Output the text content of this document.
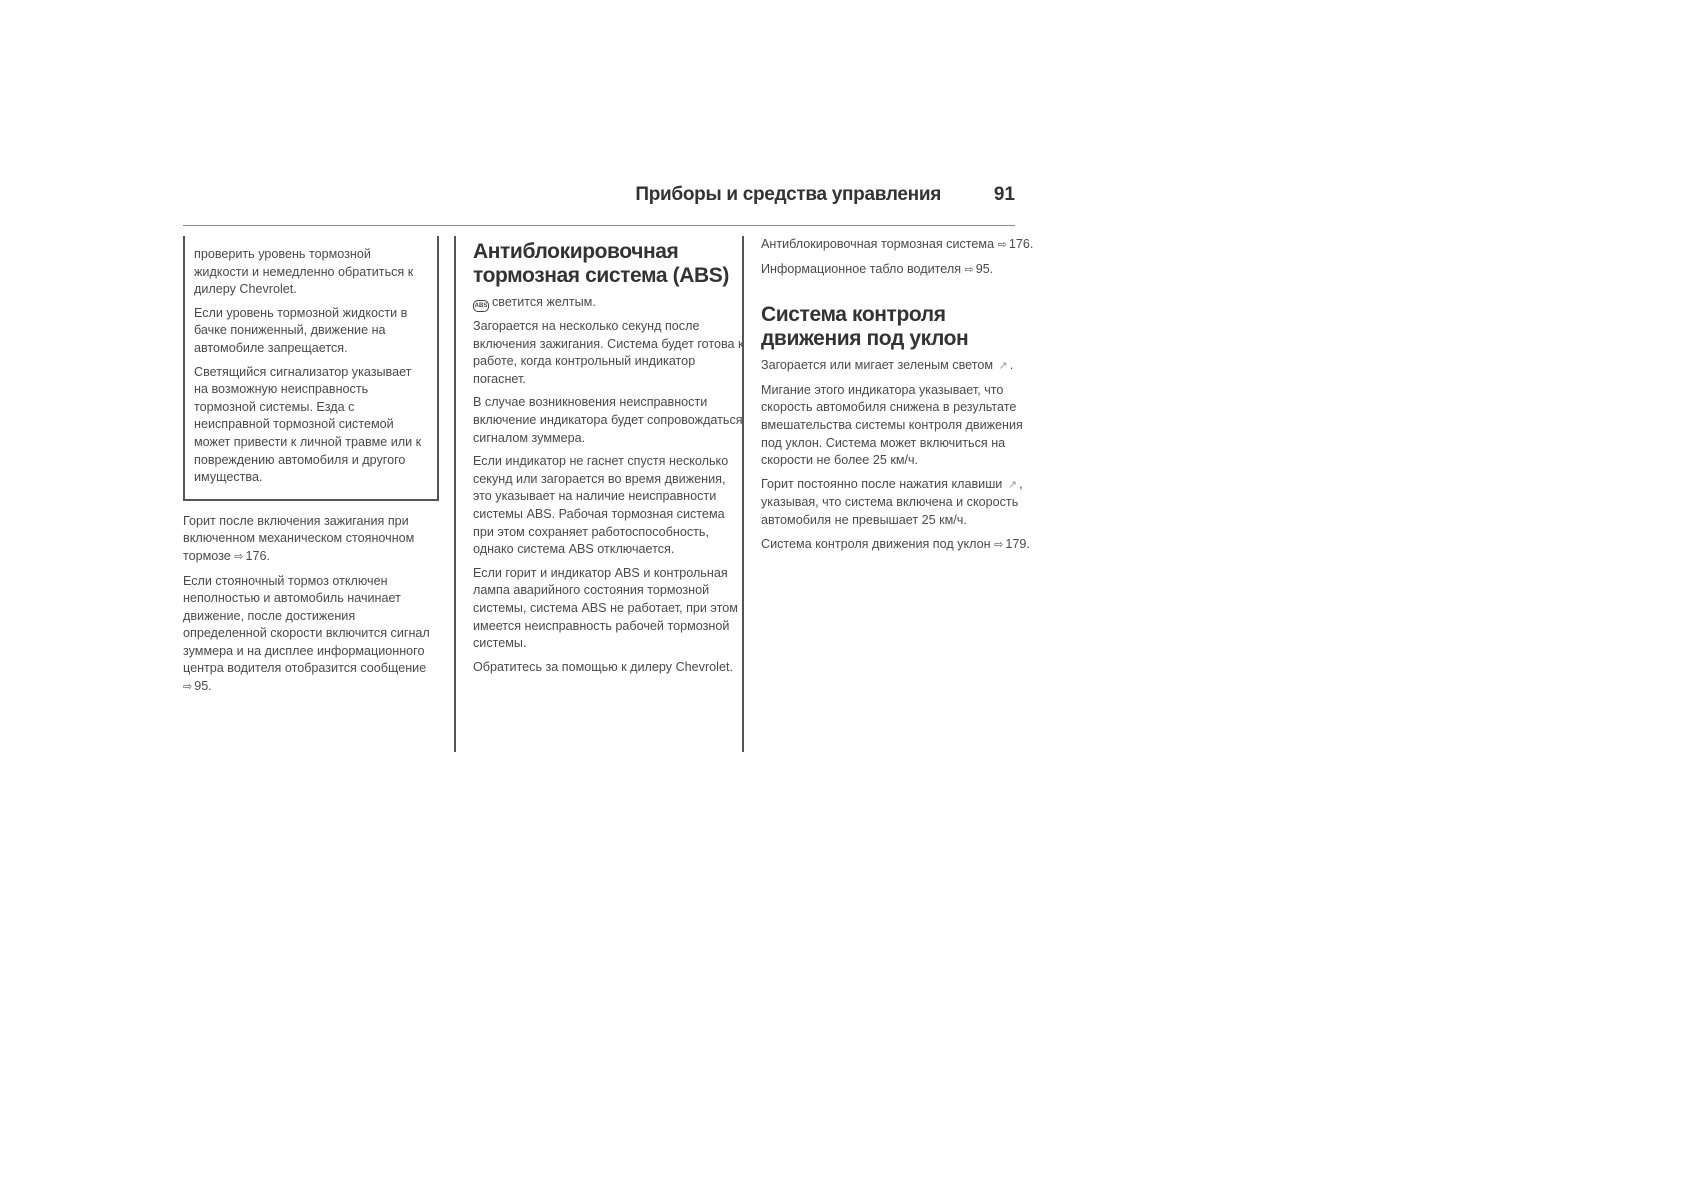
Приборы и средства управления	91

проверить уровень тормозной жидкости и немедленно обратиться к дилеру Chevrolet.

Если уровень тормозной жидкости в бачке пониженный, движение на автомобиле запрещается.

Светящийся сигнализатор указывает на возможную неисправность тормозной системы. Езда с неисправной тормозной системой может привести к личной травме или к повреждению автомобиля и другого имущества.

Горит после включения зажигания при включенном механическом стояночном тормозе ⇨ 176.

Если стояночный тормоз отключен неполностью и автомобиль начинает движение, после достижения определенной скорости включится сигнал зуммера и на дисплее информационного центра водителя отобразится сообщение ⇨ 95.

Антиблокировочная
тормозная система (ABS)

ABS светится желтым.

Загорается на несколько секунд после включения зажигания. Система будет готова к работе, когда контрольный индикатор погаснет.

В случае возникновения неисправности включение индикатора будет сопровождаться сигналом зуммера.

Если индикатор не гаснет спустя несколько секунд или загорается во время движения, это указывает на наличие неисправности системы ABS. Рабочая тормозная система при этом сохраняет работоспособность, однако система ABS отключается.

Если горит и индикатор ABS и контрольная лампа аварийного состояния тормозной системы, система ABS не работает, при этом имеется неисправность рабочей тормозной системы.

Обратитесь за помощью к дилеру Chevrolet.

Антиблокировочная тормозная система ⇨ 176.

Информационное табло водителя ⇨ 95.

Система контроля
движения под уклон

Загорается или мигает зеленым светом ↗ .

Мигание этого индикатора указывает, что скорость автомобиля снижена в результате вмешательства системы контроля движения под уклон. Система может включиться на скорости не более 25 км/ч.

Горит постоянно после нажатия клавиши ↗ , указывая, что система включена и скорость автомобиля не превышает 25 км/ч.

Система контроля движения под уклон ⇨ 179.
